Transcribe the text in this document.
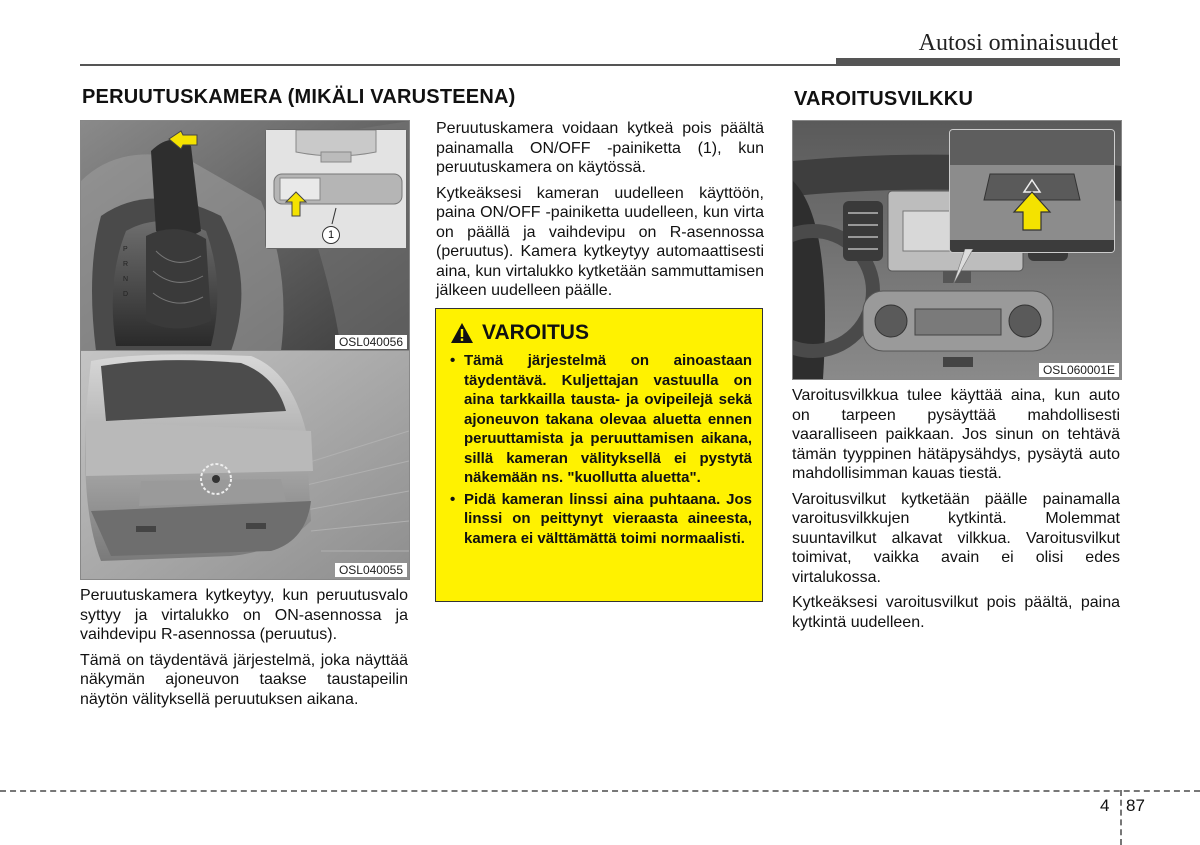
Autosi ominaisuudet
PERUUTUSKAMERA (MIKÄLI VARUSTEENA)
P
R
N
D
1
OSL040056
OSL040055

Peruutuskamera kytkeytyy, kun peruutusvalo syttyy ja virtalukko on ON-asennossa ja vaihdevipu R-asennossa (peruutus).

Tämä on täydentävä järjestelmä, joka näyttää näkymän ajoneuvon taakse taustapeilin näytön välityksellä peruutuksen aikana.

Peruutuskamera voidaan kytkeä pois päältä painamalla ON/OFF -painiketta (1), kun peruutuskamera on käytössä.

Kytkeäksesi kameran uudelleen käyttöön, paina ON/OFF -painiketta uudelleen, kun virta on päällä ja vaihdevipu on R-asennossa (peruutus). Kamera kytkeytyy automaattisesti aina, kun virtalukko kytketään sammuttamisen jälkeen uudelleen päälle.

VAROITUS
• Tämä järjestelmä on ainoastaan täydentävä. Kuljettajan vastuulla on aina tarkkailla tausta- ja ovipeilejä sekä ajoneuvon takana olevaa aluetta ennen peruuttamista ja peruuttamisen aikana, sillä kameran välityksellä ei pystytä näkemään ns. "kuollutta aluetta".
• Pidä kameran linssi aina puhtaana. Jos linssi on peittynyt vieraasta aineesta, kamera ei välttämättä toimi normaalisti.
VAROITUSVILKKU
OSL060001E

Varoitusvilkkua tulee käyttää aina, kun auto on tarpeen pysäyttää mahdollisesti vaaralliseen paikkaan. Jos sinun on tehtävä tämän tyyppinen hätäpysähdys, pysäytä auto mahdollisimman kauas tiestä.

Varoitusvilkut kytketään päälle painamalla varoitusvilkkujen kytkintä. Molemmat suuntavilkut alkavat vilkkua. Varoitusvilkut toimivat, vaikka avain ei olisi edes virtalukossa.

Kytkeäksesi varoitusvilkut pois päältä, paina kytkintä uudelleen.

4 87
